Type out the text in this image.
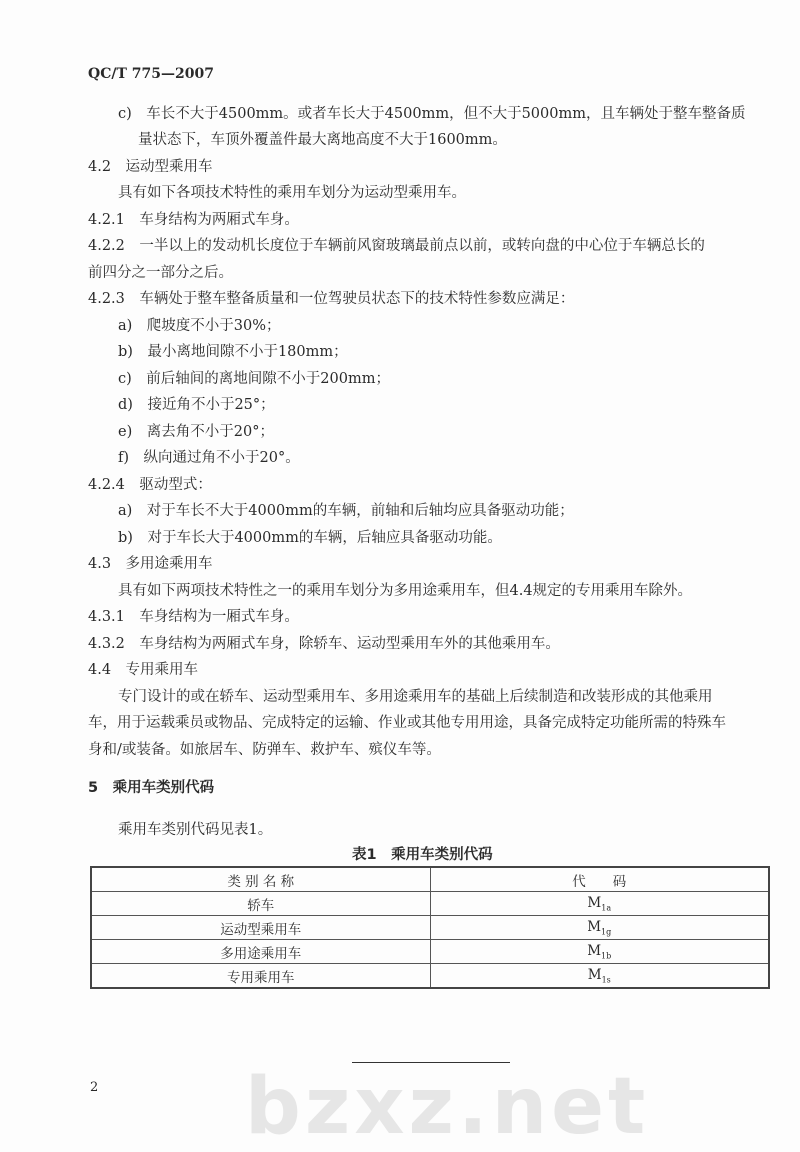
QC/T 775—2007
c)　车长不大于4500mm。或者车长大于4500mm，但不大于5000mm，且车辆处于整车整备质
量状态下，车顶外覆盖件最大离地高度不大于1600mm。
4.2　运动型乘用车
具有如下各项技术特性的乘用车划分为运动型乘用车。
4.2.1　车身结构为两厢式车身。
4.2.2　一半以上的发动机长度位于车辆前风窗玻璃最前点以前，或转向盘的中心位于车辆总长的
前四分之一部分之后。
4.2.3　车辆处于整车整备质量和一位驾驶员状态下的技术特性参数应满足：
a)　爬坡度不小于30%；
b)　最小离地间隙不小于180mm；
c)　前后轴间的离地间隙不小于200mm；
d)　接近角不小于25°；
e)　离去角不小于20°；
f)　纵向通过角不小于20°。
4.2.4　驱动型式：
a)　对于车长不大于4000mm的车辆，前轴和后轴均应具备驱动功能；
b)　对于车长大于4000mm的车辆，后轴应具备驱动功能。
4.3　多用途乘用车
具有如下两项技术特性之一的乘用车划分为多用途乘用车，但4.4规定的专用乘用车除外。
4.3.1　车身结构为一厢式车身。
4.3.2　车身结构为两厢式车身，除轿车、运动型乘用车外的其他乘用车。
4.4　专用乘用车
专门设计的或在轿车、运动型乘用车、多用途乘用车的基础上后续制造和改装形成的其他乘用
车，用于运载乘员或物品、完成特定的运输、作业或其他专用用途，具备完成特定功能所需的特殊车
身和/或装备。如旅居车、防弹车、救护车、殡仪车等。
5　乘用车类别代码
乘用车类别代码见表1。
表1　乘用车类别代码
类 别 名 称	代　　码
轿车	$M_{1a}$
运动型乘用车	$M_{1g}$
多用途乘用车	$M_{1b}$
专用乘用车	$M_{1s}$
2 bzxz.net
